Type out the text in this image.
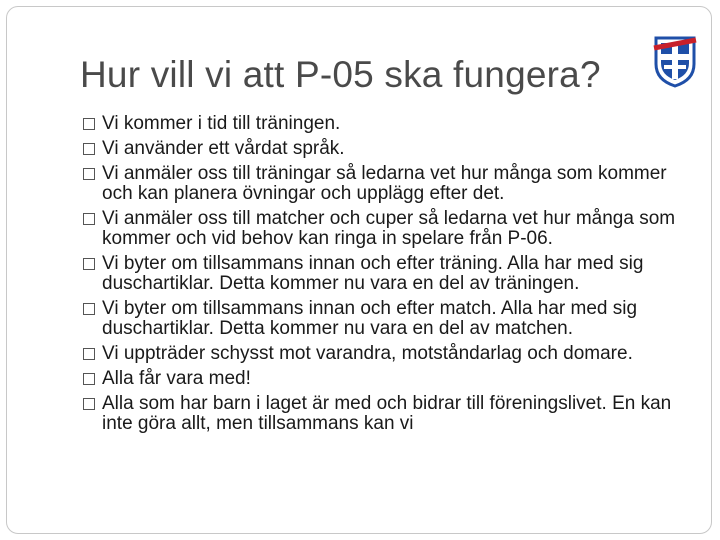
Hur vill vi att P-05 ska fungera?
Vi kommer i tid till träningen.
Vi använder ett vårdat språk.
Vi anmäler oss till träningar så ledarna vet hur många som kommer och kan planera övningar och upplägg efter det.
Vi anmäler oss till matcher och cuper så ledarna vet hur många som kommer och vid behov kan ringa in spelare från P-06.
Vi byter om tillsammans innan och efter träning. Alla har med sig duschartiklar. Detta kommer nu vara en del av träningen.
Vi byter om tillsammans innan och efter match. Alla har med sig duschartiklar. Detta kommer nu vara en del av matchen.
Vi uppträder schysst mot varandra, motståndarlag och domare.
Alla får vara med!
Alla som har barn i laget är med och bidrar till föreningslivet. En kan inte göra allt, men tillsammans kan vi
